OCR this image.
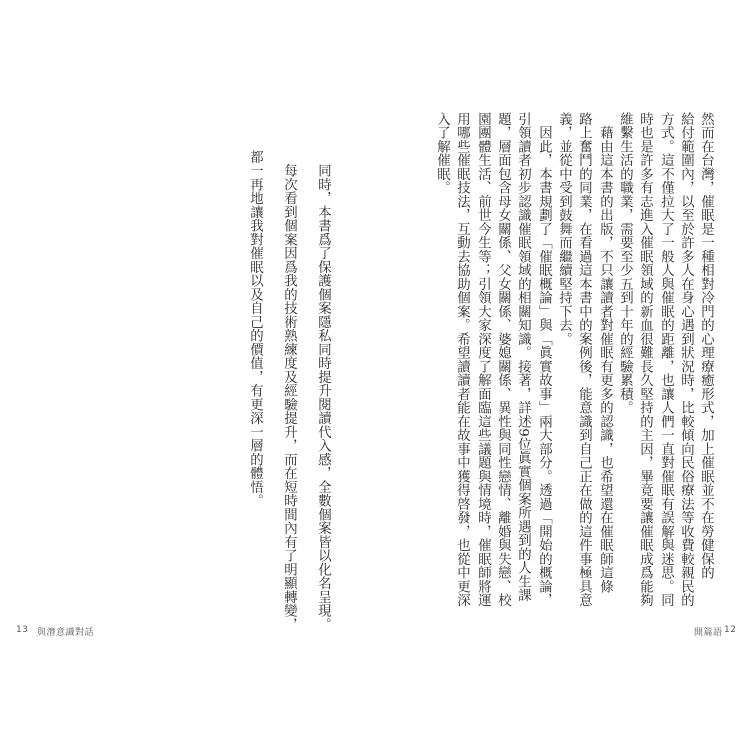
然而在台灣，催眠是一種相對冷門的心理療癒形式，加上催眠並不在勞健保的
給付範圍內，以至於許多人在身心遇到狀況時，比較傾向民俗療法等收費較親民的
方式。這不僅拉大了一般人與催眠的距離，也讓人們一直對催眠有誤解與迷思。同
時也是許多有志進入催眠領域的新血很難長久堅持的主因，畢竟要讓催眠成爲能夠
維繫生活的職業，需要至少五到十年的經驗累積。
　藉由這本書的出版，不只讓讀者對催眠有更多的認識，也希望還在催眠師這條
路上奮鬥的同業，在看過這本書中的案例後，能意識到自己正在做的這件事極具意
義，並從中受到鼓舞而繼續堅持下去。
　因此，本書規劃了「催眠概論」與「眞實故事」兩大部分。透過「開始的概論，
引領讀者初步認識催眠領域的相關知識。接著，詳述9位眞實個案所遇到的人生課
題，層面包含母女關係、父女關係、婆媳關係、異性與同性戀情、離婚與失戀、校
園團體生活、前世今生等；引領大家深度了解面臨這些議題與情境時，催眠師將運
用哪些催眠技法，互動去協助個案。希望讀讀者能在故事中獲得啓發，也從中更深
入了解催眠。
　同時，本書爲了保護個案隱私同時提升閱讀代入感，全數個案皆以化名呈現。
　每次看到個案因爲我的技術熟練度及經驗提升，而在短時間內有了明顯轉變，
都一再地讓我對催眠以及自己的價值，有更深一層的體悟。
開篇語 12
13 與潛意識對話
